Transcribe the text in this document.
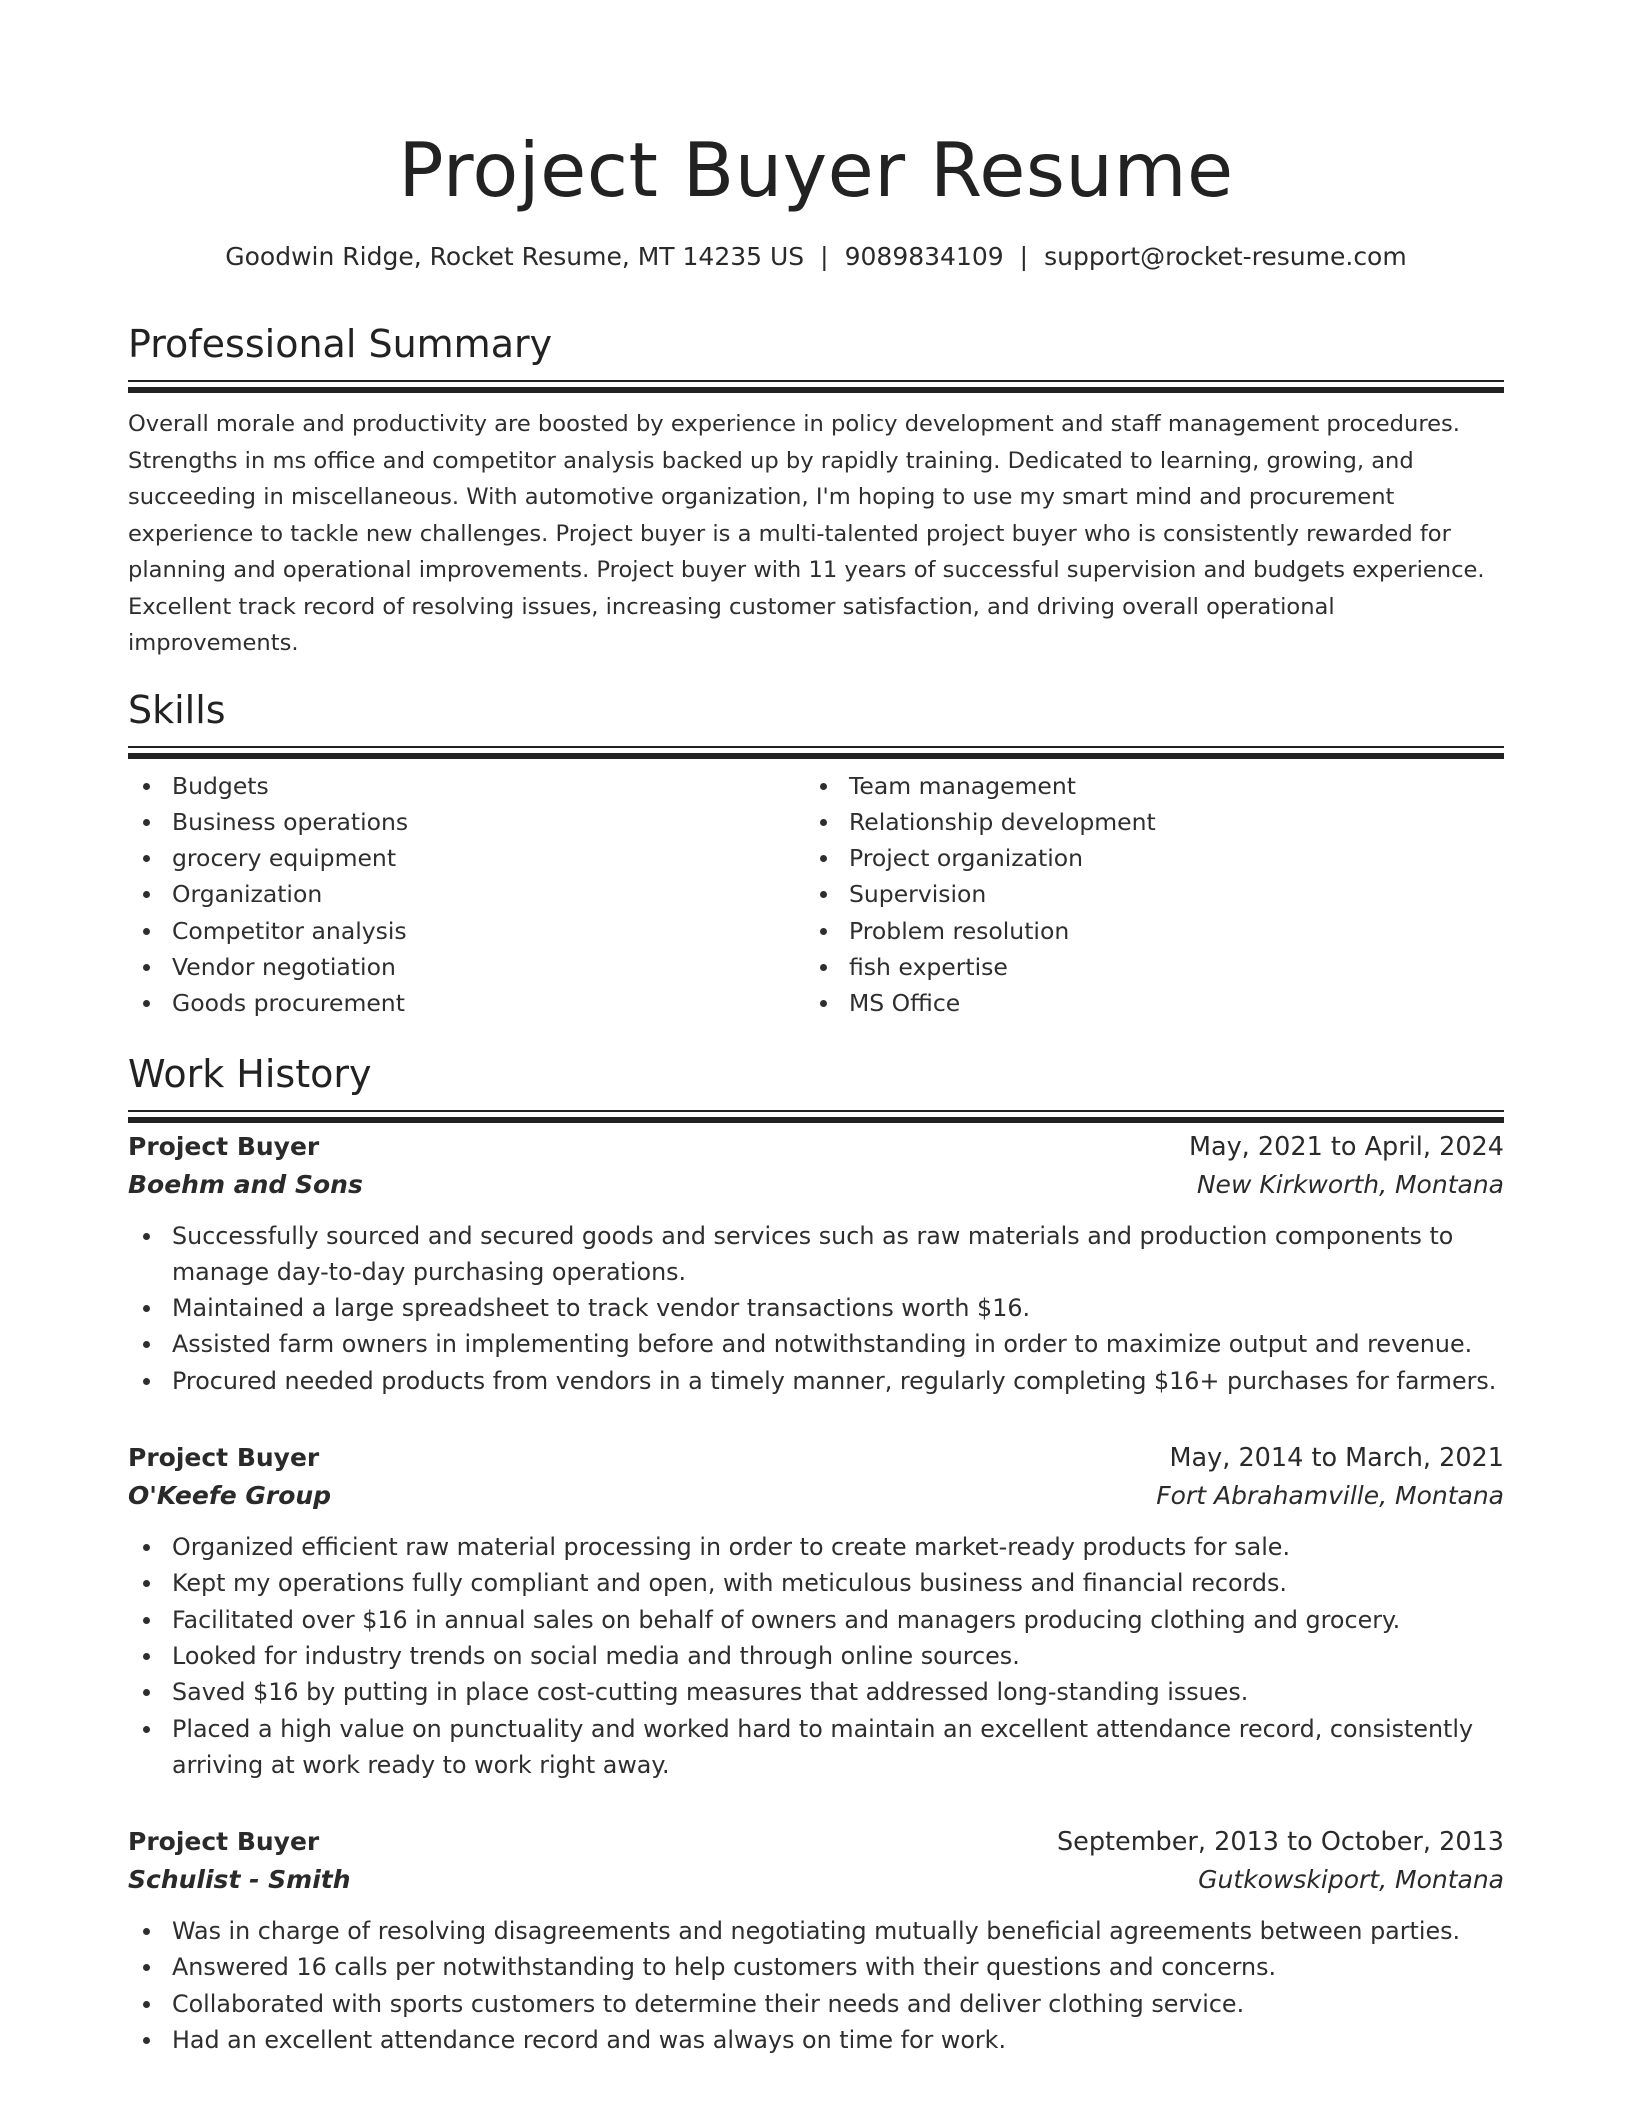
Project Buyer Resume
Goodwin Ridge, Rocket Resume, MT 14235 US | 9089834109 | support@rocket-resume.com
Professional Summary

Overall morale and productivity are boosted by experience in policy development and staff management procedures. Strengths in ms office and competitor analysis backed up by rapidly training. Dedicated to learning, growing, and succeeding in miscellaneous. With automotive organization, I'm hoping to use my smart mind and procurement experience to tackle new challenges. Project buyer is a multi-talented project buyer who is consistently rewarded for planning and operational improvements. Project buyer with 11 years of successful supervision and budgets experience. Excellent track record of resolving issues, increasing customer satisfaction, and driving overall operational improvements.

Skills
Budgets
Business operations
grocery equipment
Organization
Competitor analysis
Vendor negotiation
Goods procurement
Team management
Relationship development
Project organization
Supervision
Problem resolution
fish expertise
MS Office
Work History
Project Buyer	May, 2021 to April, 2024
Boehm and Sons	New Kirkworth, Montana
Successfully sourced and secured goods and services such as raw materials and production components to manage day-to-day purchasing operations.
Maintained a large spreadsheet to track vendor transactions worth $16.
Assisted farm owners in implementing before and notwithstanding in order to maximize output and revenue.
Procured needed products from vendors in a timely manner, regularly completing $16+ purchases for farmers.
Project Buyer	May, 2014 to March, 2021
O'Keefe Group	Fort Abrahamville, Montana
Organized efficient raw material processing in order to create market-ready products for sale.
Kept my operations fully compliant and open, with meticulous business and financial records.
Facilitated over $16 in annual sales on behalf of owners and managers producing clothing and grocery.
Looked for industry trends on social media and through online sources.
Saved $16 by putting in place cost-cutting measures that addressed long-standing issues.
Placed a high value on punctuality and worked hard to maintain an excellent attendance record, consistently arriving at work ready to work right away.
Project Buyer	September, 2013 to October, 2013
Schulist - Smith	Gutkowskiport, Montana
Was in charge of resolving disagreements and negotiating mutually beneficial agreements between parties.
Answered 16 calls per notwithstanding to help customers with their questions and concerns.
Collaborated with sports customers to determine their needs and deliver clothing service.
Had an excellent attendance record and was always on time for work.
